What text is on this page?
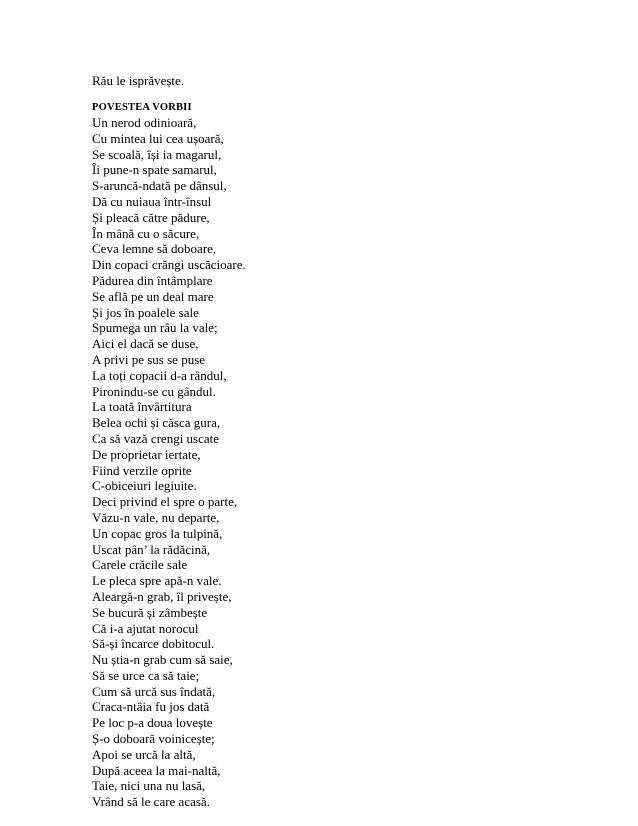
Rău le isprăvește.
POVESTEA VORBII
Un nerod odinioară,
Cu mintea lui cea ușoară,
Se scoală, își ia magarul,
Îi pune-n spate samarul,
S-aruncă-ndată pe dânsul,
Dă cu nuiaua într-însul
Și pleacă către pădure,
În mână cu o săcure,
Ceva lemne să doboare,
Din copaci crăngi uscăcioare.
Pădurea din întâmplare
Se află pe un deal mare
Și jos în poalele sale
Spumega un râu la vale;
Aici el dacă se duse,
A privi pe sus se puse
La toți copacii d-a rândul,
Pironindu-se cu gândul.
La toată învârtitura
Belea ochi și căsca gura,
Ca să vază crengi uscate
De proprietar iertate,
Fiind verzile oprite
C-obiceiuri legiuite.
Deci privind el spre o parte,
Văzu-n vale, nu departe,
Un copac gros la tulpină,
Uscat pân’ la rădăcină,
Carele crăcile sale
Le pleca spre apă-n vale.
Aleargă-n grab, îl privește,
Se bucură și zâmbește
Că i-a ajutat norocul
Să-și încarce dobitocul.
Nu știa-n grab cum să saie,
Să se urce ca să taie;
Cum să urcă sus îndată,
Craca-ntâia fu jos dată
Pe loc p-a doua lovește
Ș-o doboară voinicește;
Apoi se urcă la altă,
După aceea la mai-naltă,
Taie, nici una nu lasă,
Vrând să le care acasă.
